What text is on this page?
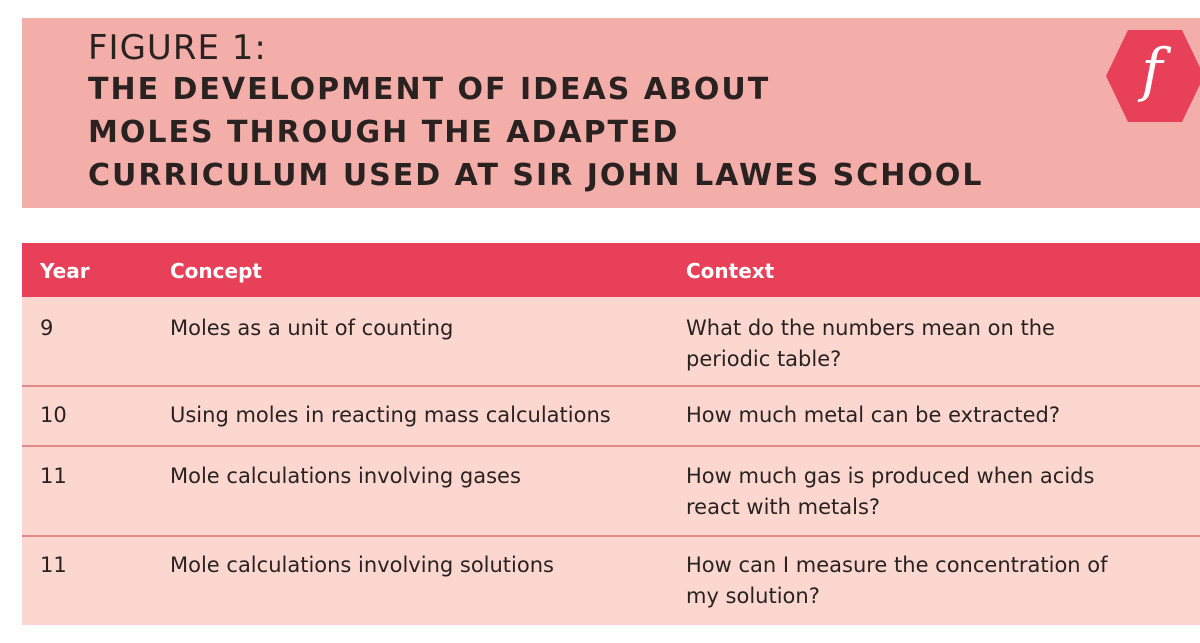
FIGURE 1:
THE DEVELOPMENT OF IDEAS ABOUT
MOLES THROUGH THE ADAPTED
CURRICULUM USED AT SIR JOHN LAWES SCHOOL
f
Year	Concept	Context
9	Moles as a unit of counting	What do the numbers mean on the
periodic table?
10	Using moles in reacting mass calculations	How much metal can be extracted?
11	Mole calculations involving gases	How much gas is produced when acids
react with metals?
11	Mole calculations involving solutions	How can I measure the concentration of
my solution?
